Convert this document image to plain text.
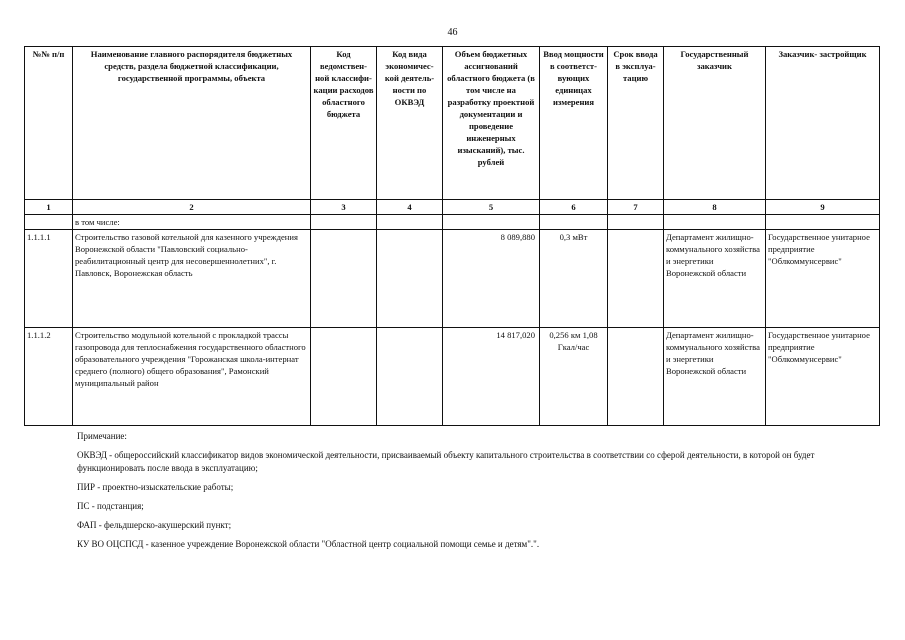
46
№№ п/п	Наименование главного распорядителя бюджетных средств, раздела бюджетной классификации, государственной программы, объекта	Код ведомствен- ной классифи- кации расходов областного бюджета	Код вида экономичес- кой деятель- ности по ОКВЭД	Объем бюджетных ассигнований областного бюджета (в том числе на разработку проектной документации и проведение инженерных изысканий), тыс. рублей	Ввод мощности в соответст- вующих единицах измерения	Срок ввода в эксплуа- тацию	Государственный заказчик	Заказчик- застройщик
1	2	3	4	5	6	7	8	9
	в том числе:							
1.1.1.1	Строительство газовой котельной для казенного учреждения Воронежской области "Павловский социально-реабилитационный центр для несовершеннолетних", г. Павловск, Воронежская область			8 089,880	0,3 мВт		Департамент жилищно-коммунального хозяйства и энергетики Воронежской области	Государственное унитарное предприятие "Облкоммунсервис"
1.1.1.2	Строительство модульной котельной с прокладкой трассы газопровода для теплоснабжения государственного областного образовательного учреждения "Горожанская школа-интернат среднего (полного) общего образования", Рамонский муниципальный район			14 817,020	0,256 км 1,08 Гкал/час		Департамент жилищно-коммунального хозяйства и энергетики Воронежской области	Государственное унитарное предприятие "Облкоммунсервис"

Примечание:

ОКВЭД - общероссийский классификатор видов экономической деятельности, присваиваемый объекту капитального строительства в соответствии со сферой деятельности, в которой он будет функционировать после ввода в эксплуатацию;

ПИР - проектно-изыскательские работы;

ПС - подстанция;

ФАП - фельдшерско-акушерский пункт;

КУ ВО ОЦСПСД - казенное учреждение Воронежской области "Областной центр социальной помощи семье и детям".".
